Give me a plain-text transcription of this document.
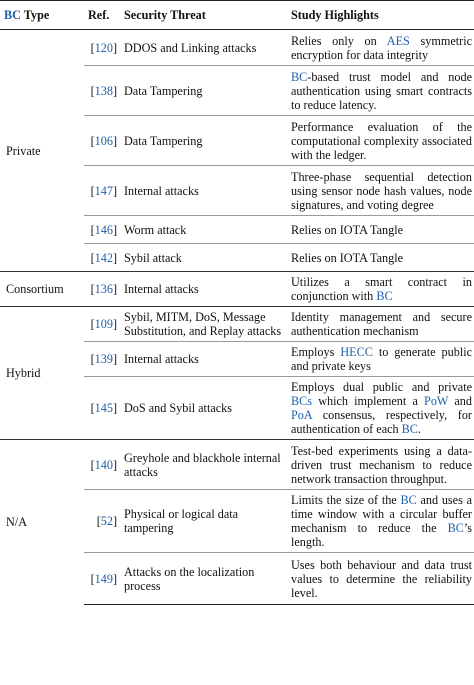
BC Type	Ref.	Security Threat	Study Highlights
Private	[120]	DDOS and Linking attacks	Relies only on AES symmetric encryption for data integrity
	[138]	Data Tampering	BC-based trust model and node authentication using smart contracts to reduce latency.
	[106]	Data Tampering	Performance evaluation of the computational complexity associated with the ledger.
	[147]	Internal attacks	Three-phase sequential detection using sensor node hash values, node signatures, and voting degree
	[146]	Worm attack	Relies on IOTA Tangle
	[142]	Sybil attack	Relies on IOTA Tangle
Consortium	[136]	Internal attacks	Utilizes a smart contract in conjunction with BC
Hybrid	[109]	Sybil, MITM, DoS, Message Substitution, and Replay attacks	Identity management and secure authentication mechanism
	[139]	Internal attacks	Employs HECC to generate public and private keys
	[145]	DoS and Sybil attacks	Employs dual public and private BCs which implement a PoW and PoA consensus, respectively, for authentication of each BC.
N/A	[140]	Greyhole and blackhole internal attacks	Test-bed experiments using a data-driven trust mechanism to reduce network transaction throughput.
	[52]	Physical or logical data tampering	Limits the size of the BC and uses a time window with a circular buffer mechanism to reduce the BC’s length.
	[149]	Attacks on the localization process	Uses both behaviour and data trust values to determine the reliability level.
